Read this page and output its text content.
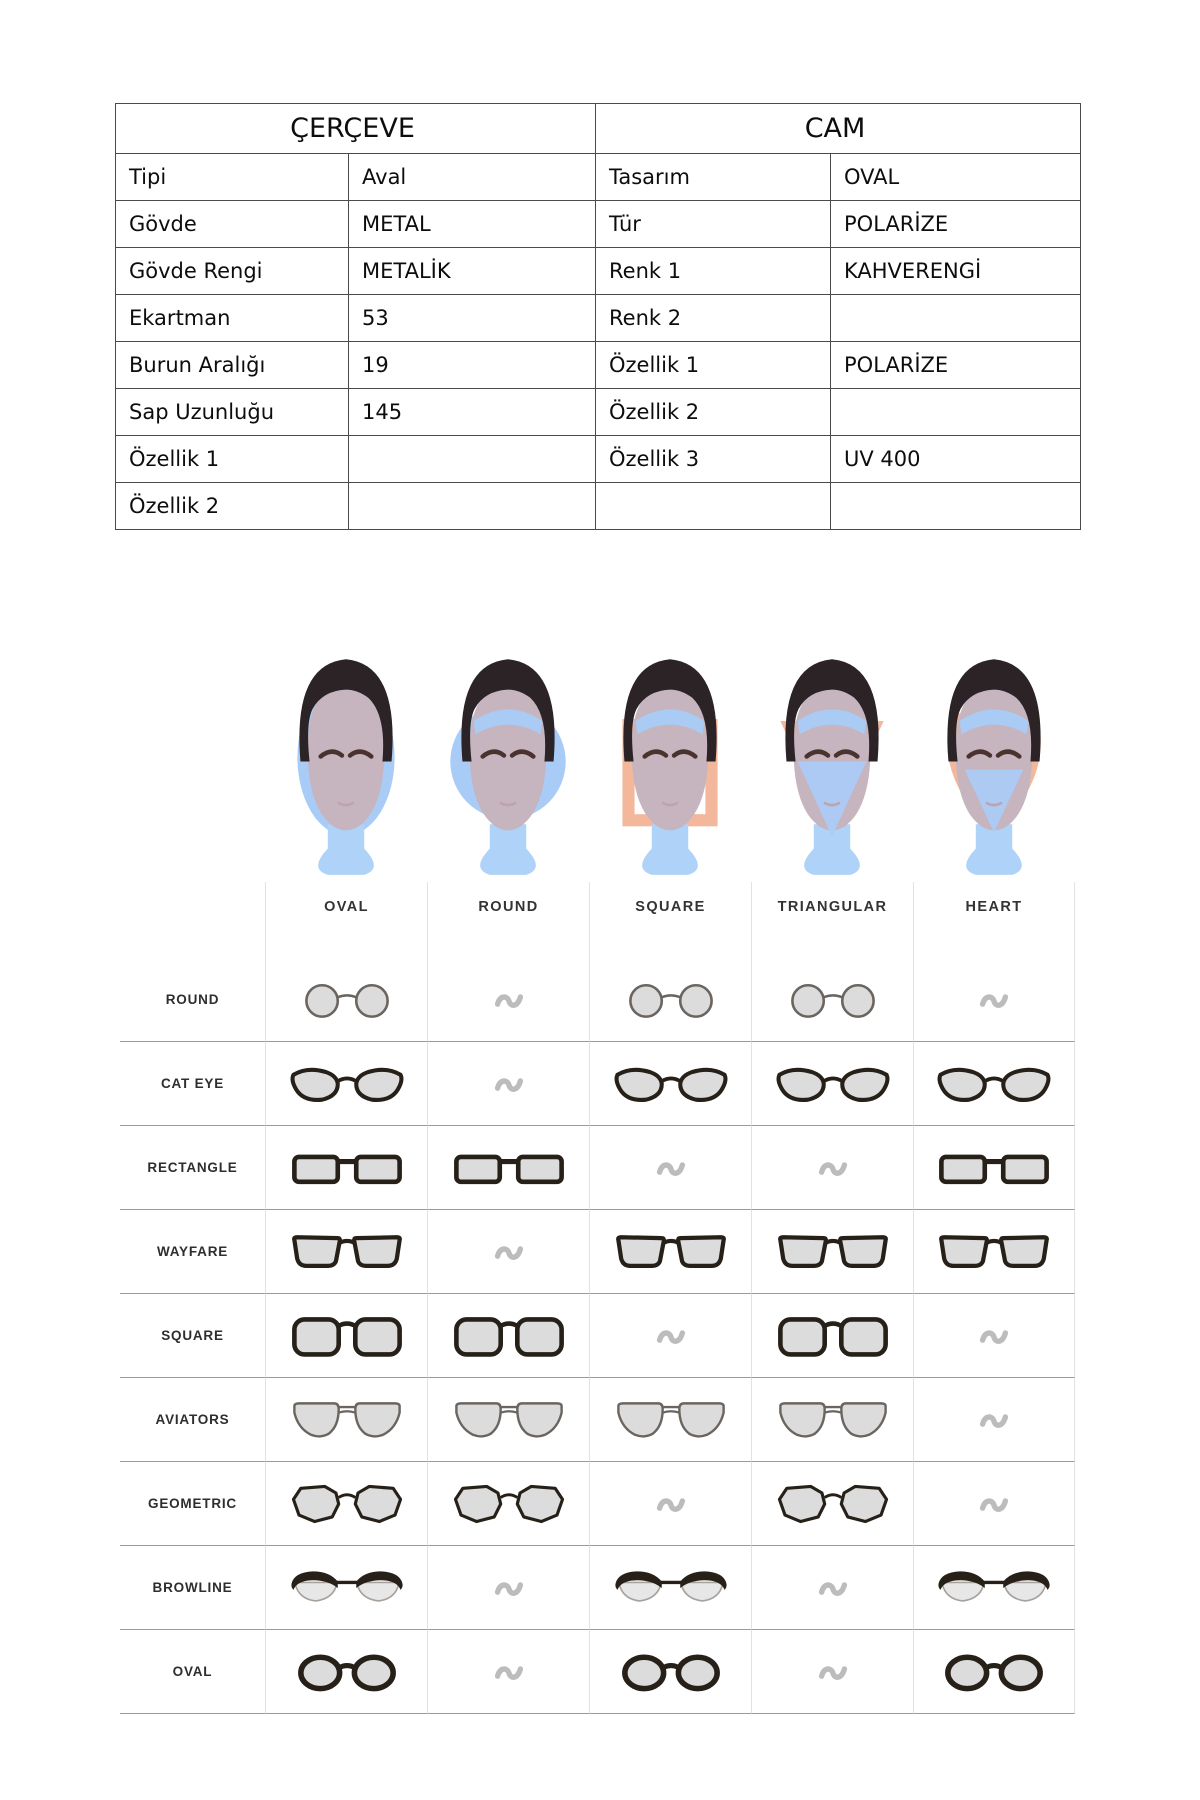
ÇERÇEVE		CAM	
Tipi	Aval	Tasarım	OVAL
Gövde	METAL	Tür	POLARİZE
Gövde Rengi	METALİK	Renk 1	KAHVERENGİ
Ekartman	53	Renk 2	
Burun Aralığı	19	Özellik 1	POLARİZE
Sap Uzunluğu	145	Özellik 2	
Özellik 1		Özellik 3	UV 400
Özellik 2			
OVAL	ROUND	SQUARE	TRIANGULAR	HEART
ROUND
CAT EYE
RECTANGLE
WAYFARE
SQUARE
AVIATORS
GEOMETRIC
BROWLINE
OVAL
